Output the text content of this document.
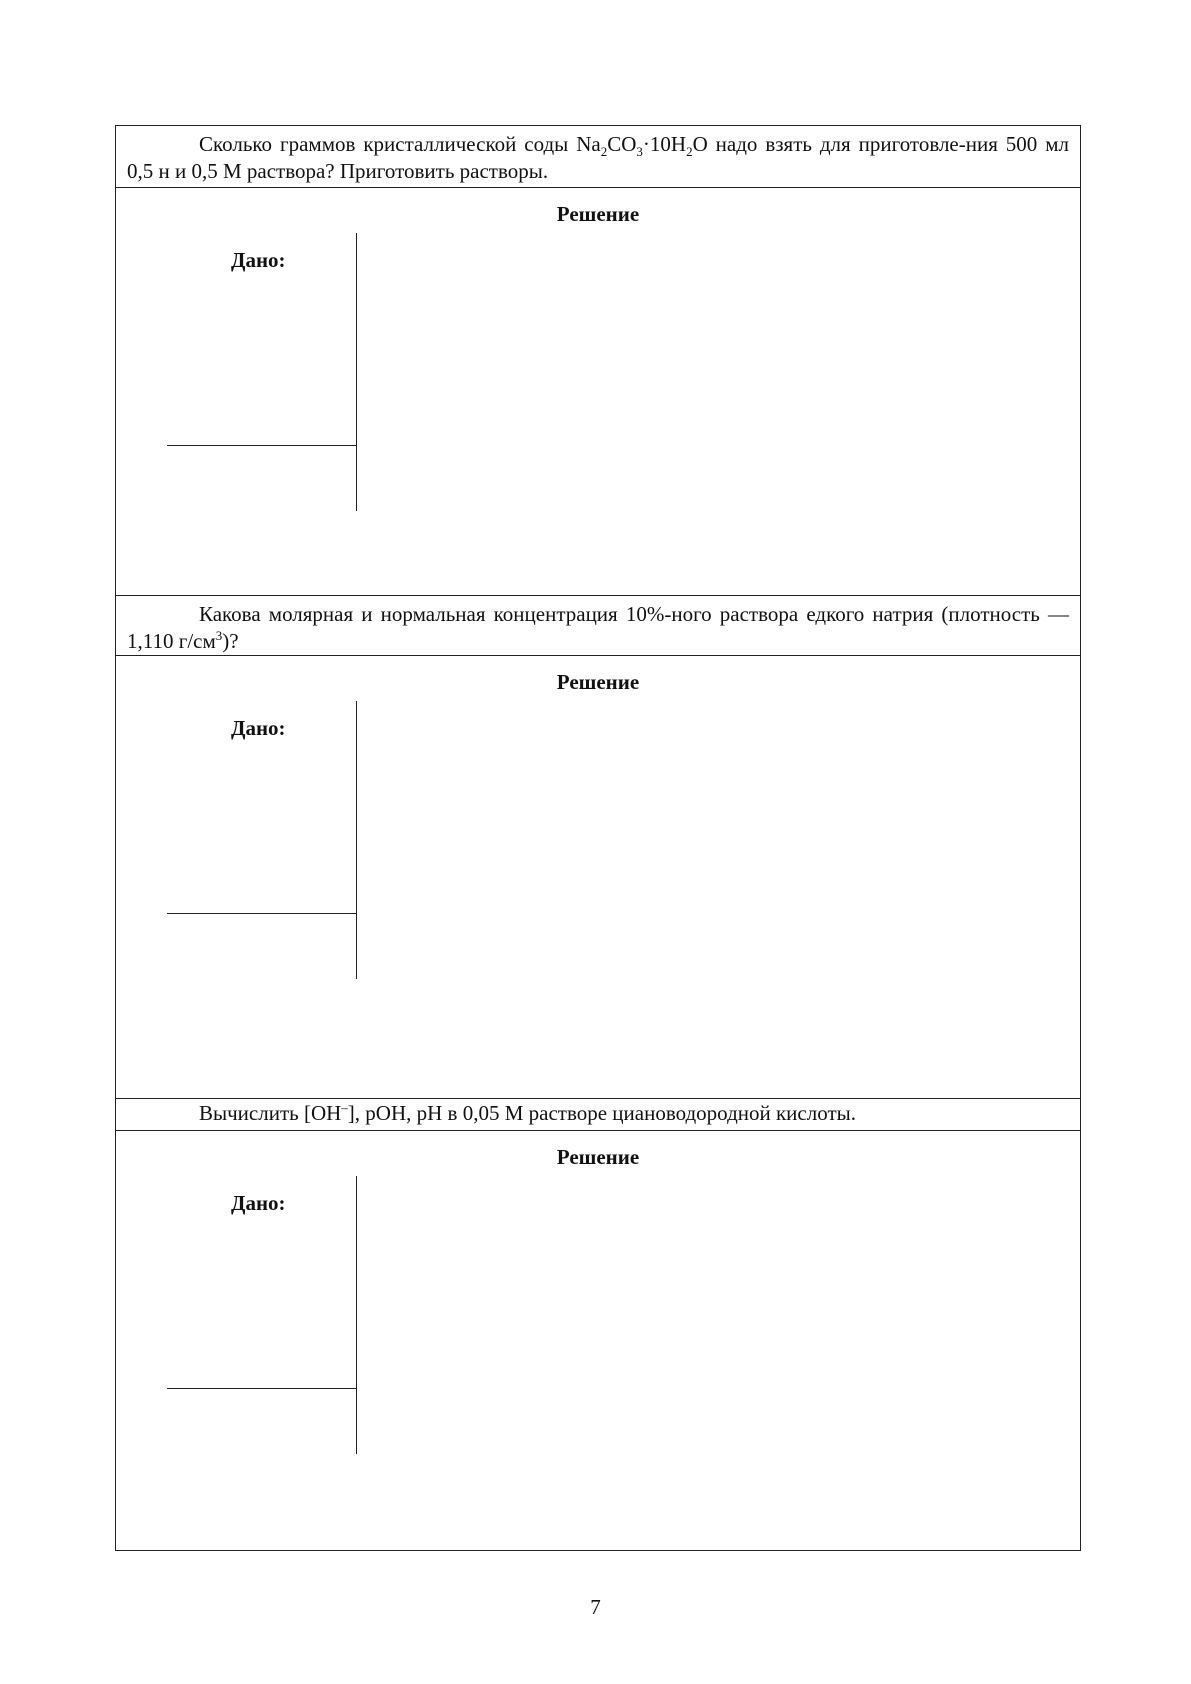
Сколько граммов кристаллической соды $Na_2CO_3\cdot 10H_2O$ надо взять для приготовле-ния 500 мл 0,5 н и 0,5 М раствора? Приготовить растворы.
Решение
Дано:
Какова молярная и нормальная концентрация 10%-ного раствора едкого натрия (плотность — 1,110 $г/см^3$)?
Решение
Дано:
Вычислить [OH–], pOH, pH в 0,05 М растворе циановодородной кислоты.
Решение
Дано:
7
